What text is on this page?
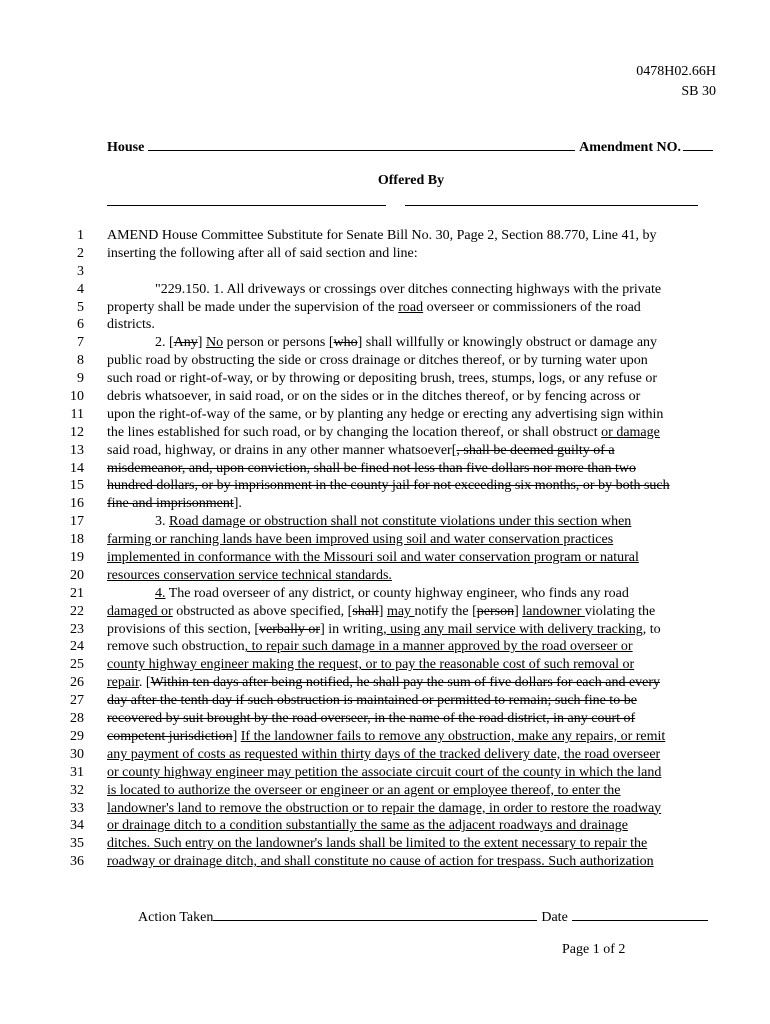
0478H02.66H
SB 30
House	Amendment NO.
Offered By
1 AMEND House Committee Substitute for Senate Bill No. 30, Page 2, Section 88.770, Line 41, by
2 inserting the following after all of said section and line:
3
4	"229.150. 1. All driveways or crossings over ditches connecting highways with the private
5 property shall be made under the supervision of the road overseer or commissioners of the road
6 districts.
7	2. [Any] No person or persons [who] shall willfully or knowingly obstruct or damage any
8 public road by obstructing the side or cross drainage or ditches thereof, or by turning water upon
9 such road or right-of-way, or by throwing or depositing brush, trees, stumps, logs, or any refuse or
10 debris whatsoever, in said road, or on the sides or in the ditches thereof, or by fencing across or
11 upon the right-of-way of the same, or by planting any hedge or erecting any advertising sign within
12 the lines established for such road, or by changing the location thereof, or shall obstruct or damage
13 said road, highway, or drains in any other manner whatsoever[, shall be deemed guilty of a
14 misdemeanor, and, upon conviction, shall be fined not less than five dollars nor more than two
15 hundred dollars, or by imprisonment in the county jail for not exceeding six months, or by both such
16 fine and imprisonment].
17	3. Road damage or obstruction shall not constitute violations under this section when
18 farming or ranching lands have been improved using soil and water conservation practices
19 implemented in conformance with the Missouri soil and water conservation program or natural
20 resources conservation service technical standards.
21	4. The road overseer of any district, or county highway engineer, who finds any road
22 damaged or obstructed as above specified, [shall] may notify the [person] landowner violating the
23 provisions of this section, [verbally or] in writing, using any mail service with delivery tracking, to
24 remove such obstruction, to repair such damage in a manner approved by the road overseer or
25 county highway engineer making the request, or to pay the reasonable cost of such removal or
26 repair. [Within ten days after being notified, he shall pay the sum of five dollars for each and every
27 day after the tenth day if such obstruction is maintained or permitted to remain; such fine to be
28 recovered by suit brought by the road overseer, in the name of the road district, in any court of
29 competent jurisdiction] If the landowner fails to remove any obstruction, make any repairs, or remit
30 any payment of costs as requested within thirty days of the tracked delivery date, the road overseer
31 or county highway engineer may petition the associate circuit court of the county in which the land
32 is located to authorize the overseer or engineer or an agent or employee thereof, to enter the
33 landowner's land to remove the obstruction or to repair the damage, in order to restore the roadway
34 or drainage ditch to a condition substantially the same as the adjacent roadways and drainage
35 ditches. Such entry on the landowner's lands shall be limited to the extent necessary to repair the
36 roadway or drainage ditch, and shall constitute no cause of action for trespass. Such authorization
Action Taken	Date
Page 1 of 2
